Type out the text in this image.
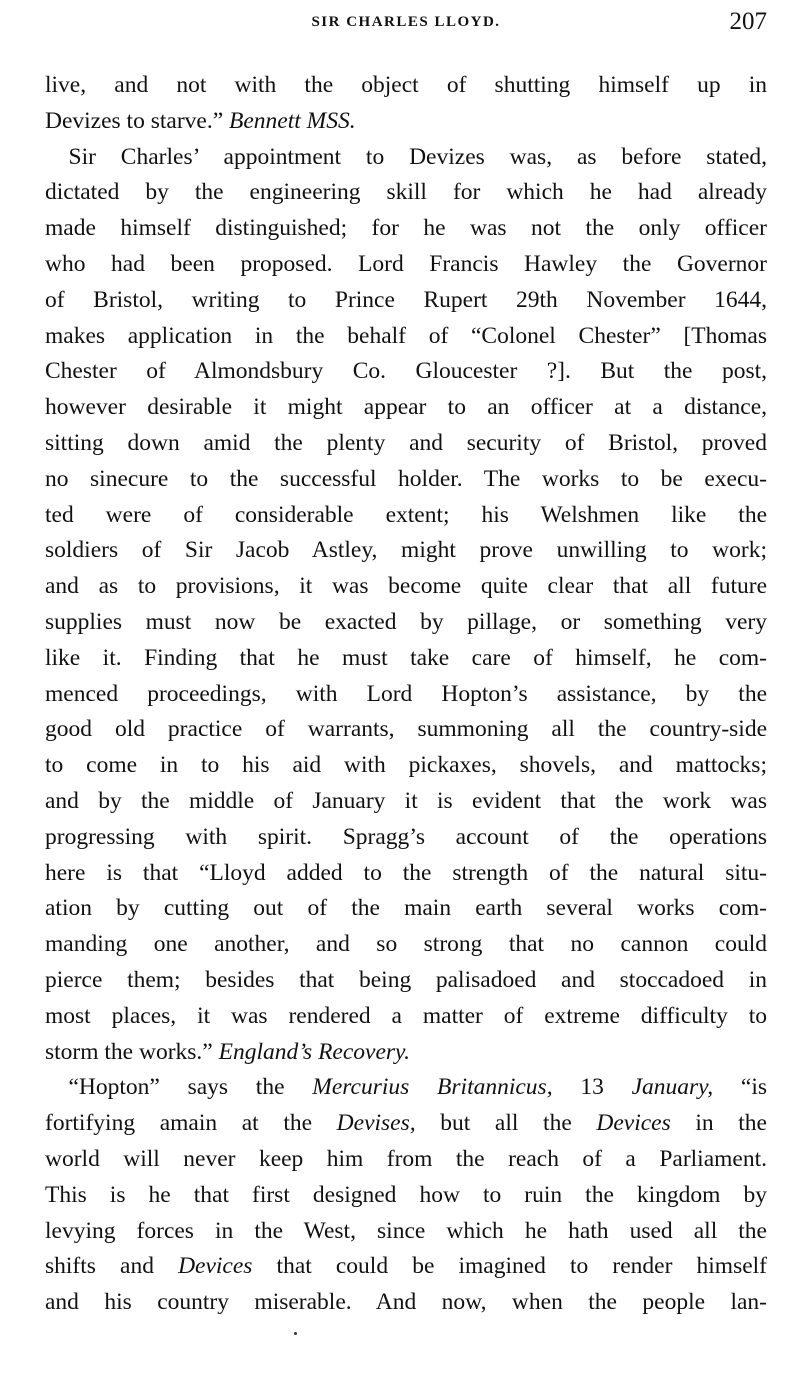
SIR CHARLES LLOYD.	207
live, and not with the object of shutting himself up in
Devizes to starve.” Bennett MSS.
 Sir Charles’ appointment to Devizes was, as before stated,
dictated by the engineering skill for which he had already
made himself distinguished; for he was not the only officer
who had been proposed. Lord Francis Hawley the Governor
of Bristol, writing to Prince Rupert 29th November 1644,
makes application in the behalf of “Colonel Chester” [Thomas
Chester of Almondsbury Co. Gloucester ?]. But the post,
however desirable it might appear to an officer at a distance,
sitting down amid the plenty and security of Bristol, proved
no sinecure to the successful holder. The works to be execu-
ted were of considerable extent; his Welshmen like the
soldiers of Sir Jacob Astley, might prove unwilling to work;
and as to provisions, it was become quite clear that all future
supplies must now be exacted by pillage, or something very
like it. Finding that he must take care of himself, he com-
menced proceedings, with Lord Hopton’s assistance, by the
good old practice of warrants, summoning all the country-side
to come in to his aid with pickaxes, shovels, and mattocks;
and by the middle of January it is evident that the work was
progressing with spirit. Spragg’s account of the operations
here is that “Lloyd added to the strength of the natural situ-
ation by cutting out of the main earth several works com-
manding one another, and so strong that no cannon could
pierce them; besides that being palisadoed and stoccadoed in
most places, it was rendered a matter of extreme difficulty to
storm the works.” England’s Recovery.
 “Hopton” says the Mercurius Britannicus, 13 January, “is
fortifying amain at the Devises, but all the Devices in the
world will never keep him from the reach of a Parliament.
This is he that first designed how to ruin the kingdom by
levying forces in the West, since which he hath used all the
shifts and Devices that could be imagined to render himself
and his country miserable. And now, when the people lan-
